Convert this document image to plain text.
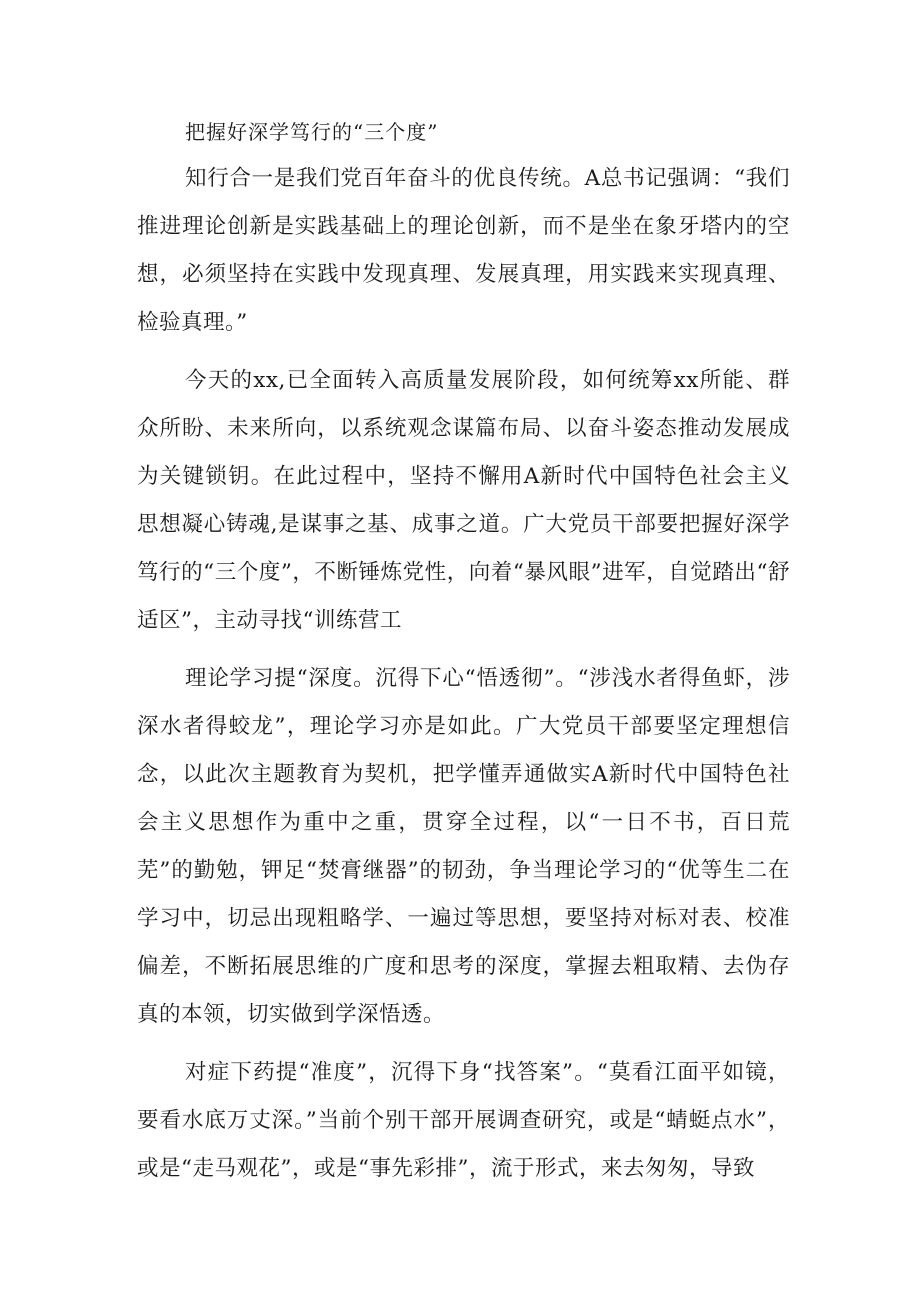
把握好深学笃行的“三个度”

知行合一是我们党百年奋斗的优良传统。A总书记强调：“我们推进理论创新是实践基础上的理论创新，而不是坐在象牙塔内的空想，必须坚持在实践中发现真理、发展真理，用实践来实现真理、检验真理。”

今天的xx,已全面转入高质量发展阶段，如何统筹xx所能、群众所盼、未来所向，以系统观念谋篇布局、以奋斗姿态推动发展成为关键锁钥。在此过程中，坚持不懈用A新时代中国特色社会主义思想凝心铸魂,是谋事之基、成事之道。广大党员干部要把握好深学笃行的“三个度”，不断锤炼党性，向着“暴风眼”进军，自觉踏出“舒适区”，主动寻找“训练营工

理论学习提“深度。沉得下心“悟透彻”。“涉浅水者得鱼虾，涉深水者得蛟龙”，理论学习亦是如此。广大党员干部要坚定理想信念，以此次主题教育为契机，把学懂弄通做实A新时代中国特色社会主义思想作为重中之重，贯穿全过程，以“一日不书，百日荒芜”的勤勉，钾足“焚膏继器”的韧劲，争当理论学习的“优等生二在学习中，切忌出现粗略学、一遍过等思想，要坚持对标对表、校准偏差，不断拓展思维的广度和思考的深度，掌握去粗取精、去伪存真的本领，切实做到学深悟透。

对症下药提“准度”，沉得下身“找答案”。“莫看江面平如镜，要看水底万丈深。”当前个别干部开展调查研究，或是“蜻蜓点水”，或是“走马观花”，或是“事先彩排”，流于形式，来去匆匆，导致
